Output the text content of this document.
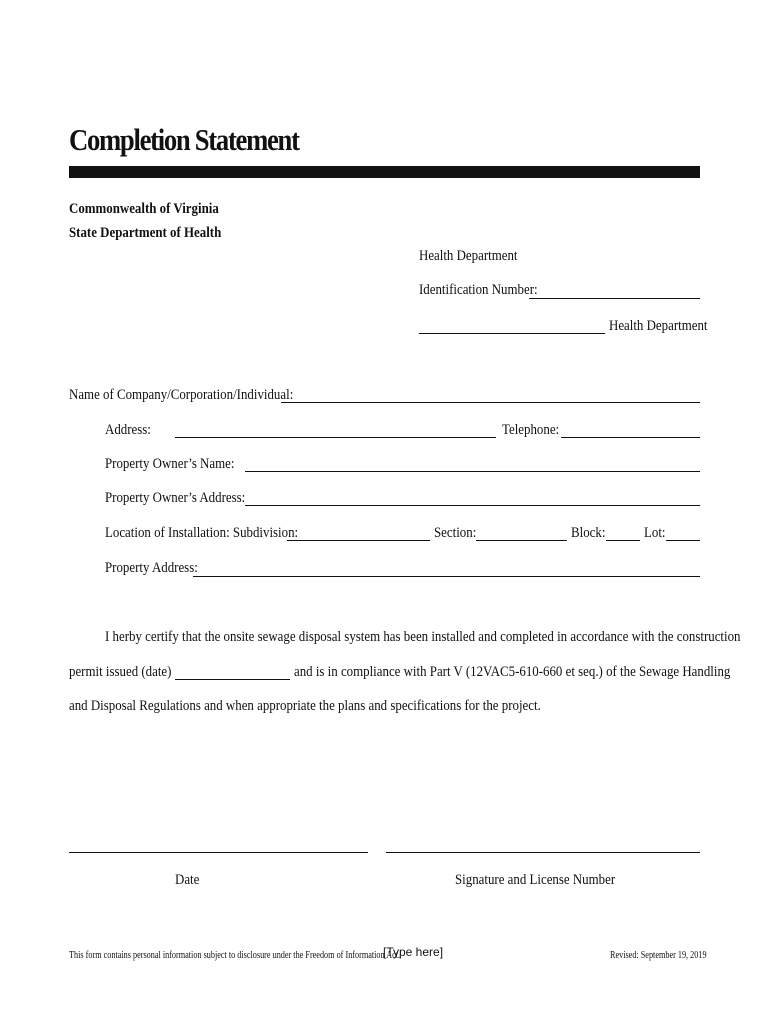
Completion Statement
Commonwealth of Virginia
State Department of Health
Health Department
Identification Number:
Health Department
Name of Company/Corporation/Individual:
Address:	Telephone:
Property Owner’s Name:
Property Owner’s Address:
Location of Installation: Subdivision:	Section:	Block:	Lot:
Property Address:
I herby certify that the onsite sewage disposal system has been installed and completed in accordance with the construction
permit issued (date)	and is in compliance with Part V (12VAC5-610-660 et seq.) of the Sewage Handling
and Disposal Regulations and when appropriate the plans and specifications for the project.
Date	Signature and License Number
This form contains personal information subject to disclosure under the Freedom of Information Act.
[Type here]	Revised: September 19, 2019
